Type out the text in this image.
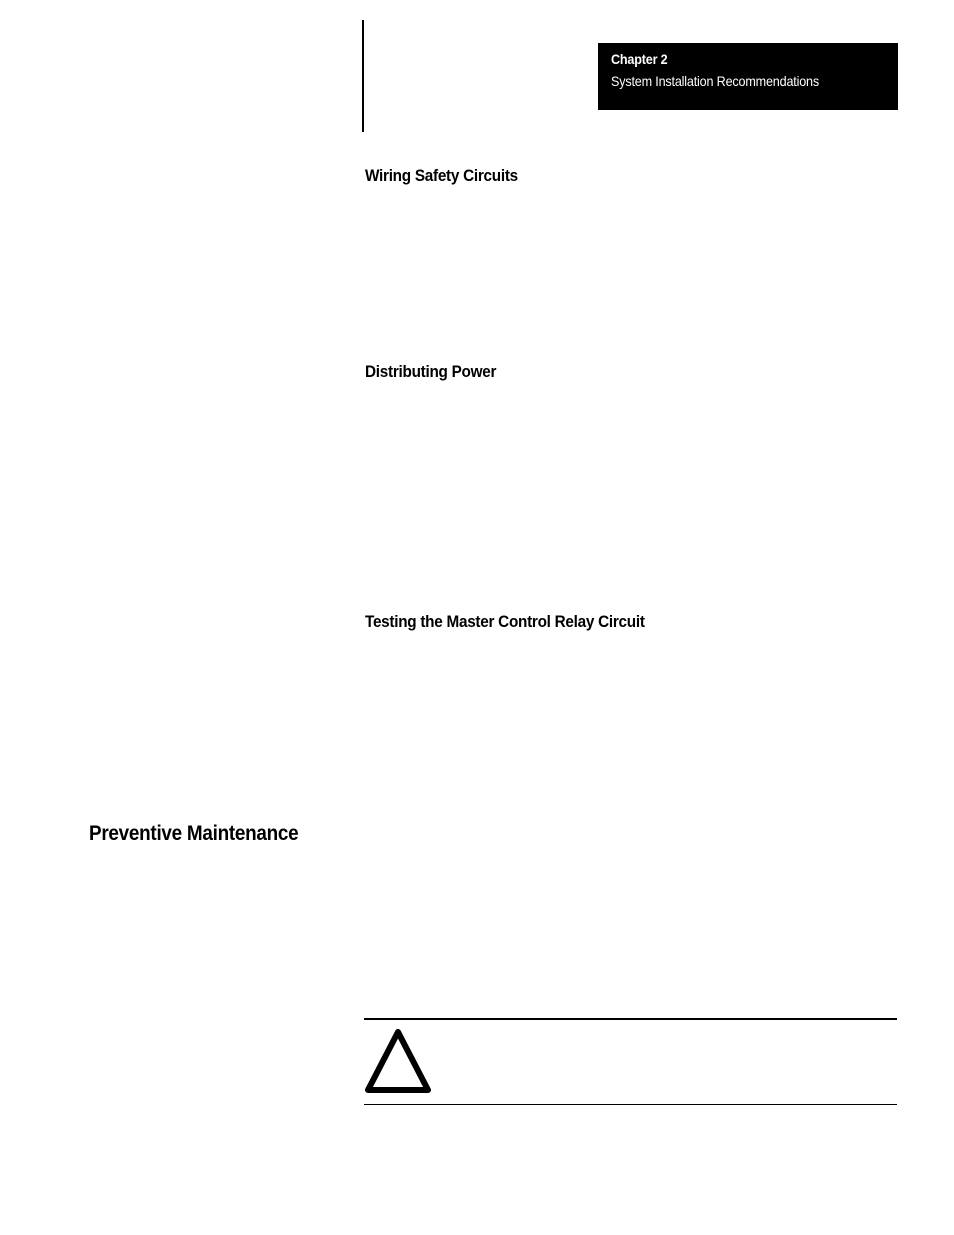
Chapter 2
System Installation Recommendations
Wiring Safety Circuits
Distributing Power
Testing the Master Control Relay Circuit
Preventive Maintenance
